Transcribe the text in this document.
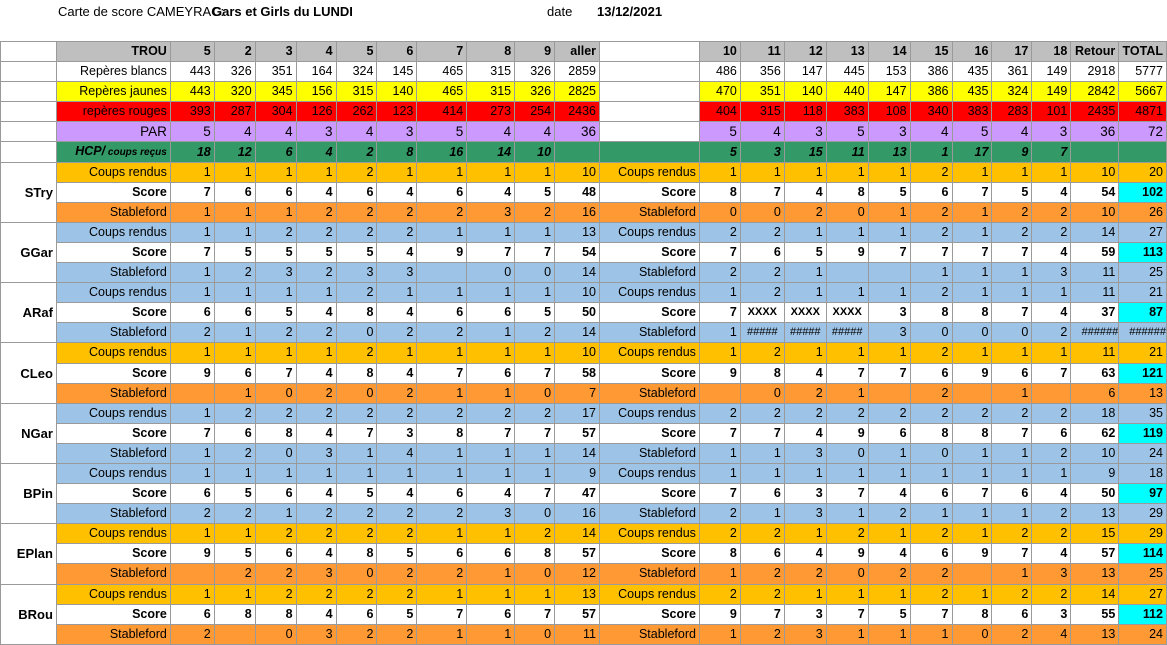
Carte de score CAMEYRAC:
Gars et Girls du LUNDI	date 13/12/2021
	TROU	5	2	3	4	5	6	7	8	9	aller		10	11	12	13	14	15	16	17	18	Retour	TOTAL
	Repères blancs	443	326	351	164	324	145	465	315	326	2859		486	356	147	445	153	386	435	361	149	2918	5777
	Repères jaunes	443	320	345	156	315	140	465	315	326	2825		470	351	140	440	147	386	435	324	149	2842	5667
	repères rouges	393	287	304	126	262	123	414	273	254	2436		404	315	118	383	108	340	383	283	101	2435	4871
	PAR	5	4	4	3	4	3	5	4	4	36		5	4	3	5	3	4	5	4	3	36	72
	HCP/ coups reçus	18	12	6	4	2	8	16	14	10			5	3	15	11	13	1	17	9	7		
STry	Coups rendus	1	1	1	1	2	1	1	1	1	10	Coups rendus	1	1	1	1	1	2	1	1	1	10	20
	Score	7	6	6	4	6	4	6	4	5	48	Score	8	7	4	8	5	6	7	5	4	54	102
	Stableford	1	1	1	2	2	2	2	3	2	16	Stableford	0	0	2	0	1	2	1	2	2	10	26
GGar	Coups rendus	1	1	2	2	2	2	1	1	1	13	Coups rendus	2	2	1	1	1	2	1	2	2	14	27
	Score	7	5	5	5	5	4	9	7	7	54	Score	7	6	5	9	7	7	7	7	4	59	113
	Stableford	1	2	3	2	3	3		0	0	14	Stableford	2	2	1			1	1	1	3	11	25
ARaf	Coups rendus	1	1	1	1	2	1	1	1	1	10	Coups rendus	1	2	1	1	1	2	1	1	1	11	21
	Score	6	6	5	4	8	4	6	6	5	50	Score	7	XXXX	XXXX	XXXX	3	8	8	7	4	37	87
	Stableford	2	1	2	2	0	2	2	1	2	14	Stableford	1	#####	#####	#####	3	0	0	0	2	######	######
CLeo	Coups rendus	1	1	1	1	2	1	1	1	1	10	Coups rendus	1	2	1	1	1	2	1	1	1	11	21
	Score	9	6	7	4	8	4	7	6	7	58	Score	9	8	4	7	7	6	9	6	7	63	121
	Stableford		1	0	2	0	2	1	1	0	7	Stableford		0	2	1		2		1		6	13
NGar	Coups rendus	1	2	2	2	2	2	2	2	2	17	Coups rendus	2	2	2	2	2	2	2	2	2	18	35
	Score	7	6	8	4	7	3	8	7	7	57	Score	7	7	4	9	6	8	8	7	6	62	119
	Stableford	1	2	0	3	1	4	1	1	1	14	Stableford	1	1	3	0	1	0	1	1	2	10	24
BPin	Coups rendus	1	1	1	1	1	1	1	1	1	9	Coups rendus	1	1	1	1	1	1	1	1	1	9	18
	Score	6	5	6	4	5	4	6	4	7	47	Score	7	6	3	7	4	6	7	6	4	50	97
	Stableford	2	2	1	2	2	2	2	3	0	16	Stableford	2	1	3	1	2	1	1	1	2	13	29
EPlan	Coups rendus	1	1	2	2	2	2	1	1	2	14	Coups rendus	2	2	1	2	1	2	1	2	2	15	29
	Score	9	5	6	4	8	5	6	6	8	57	Score	8	6	4	9	4	6	9	7	4	57	114
	Stableford		2	2	3	0	2	2	1	0	12	Stableford	1	2	2	0	2	2		1	3	13	25
BRou	Coups rendus	1	1	2	2	2	2	1	1	1	13	Coups rendus	2	2	1	1	1	2	1	2	2	14	27
	Score	6	8	8	4	6	5	7	6	7	57	Score	9	7	3	7	5	7	8	6	3	55	112
	Stableford	2		0	3	2	2	1	1	0	11	Stableford	1	2	3	1	1	1	0	2	4	13	24
